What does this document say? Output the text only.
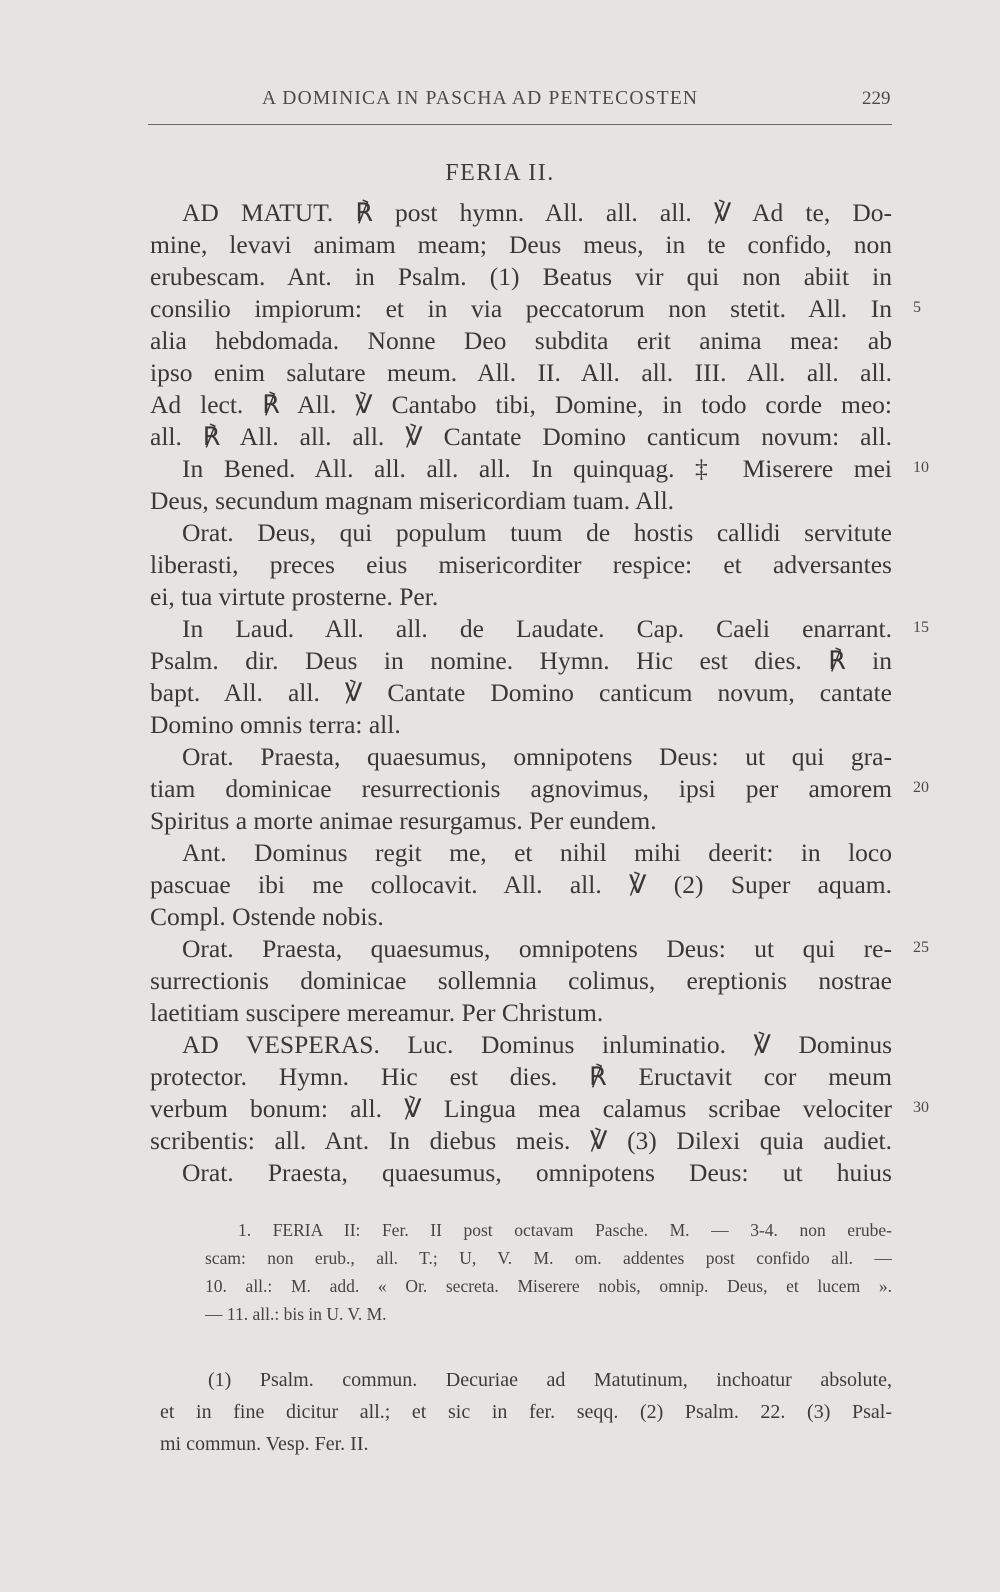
A DOMINICA IN PASCHA AD PENTECOSTEN	229
FERIA II.
AD MATUT. ℟ post hymn. All. all. all. ℣ Ad te, Do-
mine, levavi animam meam; Deus meus, in te confido, non
erubescam. Ant. in Psalm. (1) Beatus vir qui non abiit in
consilio impiorum: et in via peccatorum non stetit. All. In
alia hebdomada. Nonne Deo subdita erit anima mea: ab
ipso enim salutare meum. All. II. All. all. III. All. all. all.
Ad lect. ℟ All. ℣ Cantabo tibi, Domine, in todo corde meo:
all. ℟ All. all. all. ℣ Cantate Domino canticum novum: all.
In Bened. All. all. all. all. In quinquag. ‡ Miserere mei
Deus, secundum magnam misericordiam tuam. All.
Orat. Deus, qui populum tuum de hostis callidi servitute
liberasti, preces eius misericorditer respice: et adversantes
ei, tua virtute prosterne. Per.
In Laud. All. all. de Laudate. Cap. Caeli enarrant.
Psalm. dir. Deus in nomine. Hymn. Hic est dies. ℟ in
bapt. All. all. ℣ Cantate Domino canticum novum, cantate
Domino omnis terra: all.
Orat. Praesta, quaesumus, omnipotens Deus: ut qui gra-
tiam dominicae resurrectionis agnovimus, ipsi per amorem
Spiritus a morte animae resurgamus. Per eundem.
Ant. Dominus regit me, et nihil mihi deerit: in loco
pascuae ibi me collocavit. All. all. ℣ (2) Super aquam.
Compl. Ostende nobis.
Orat. Praesta, quaesumus, omnipotens Deus: ut qui re-
surrectionis dominicae sollemnia colimus, ereptionis nostrae
laetitiam suscipere mereamur. Per Christum.
AD VESPERAS. Luc. Dominus inluminatio. ℣ Dominus
protector. Hymn. Hic est dies. ℟ Eructavit cor meum
verbum bonum: all. ℣ Lingua mea calamus scribae velociter
scribentis: all. Ant. In diebus meis. ℣ (3) Dilexi quia audiet.
Orat. Praesta, quaesumus, omnipotens Deus: ut huius
5
10
15
20
25
30
1. FERIA II: Fer. II post octavam Pasche. M. — 3-4. non erube-
scam: non erub., all. T.; U, V. M. om. addentes post confido all. —
10. all.: M. add. « Or. secreta. Miserere nobis, omnip. Deus, et lucem ».
— 11. all.: bis in U. V. M.
(1) Psalm. commun. Decuriae ad Matutinum, inchoatur absolute,
et in fine dicitur all.; et sic in fer. seqq. (2) Psalm. 22. (3) Psal-
mi commun. Vesp. Fer. II.
